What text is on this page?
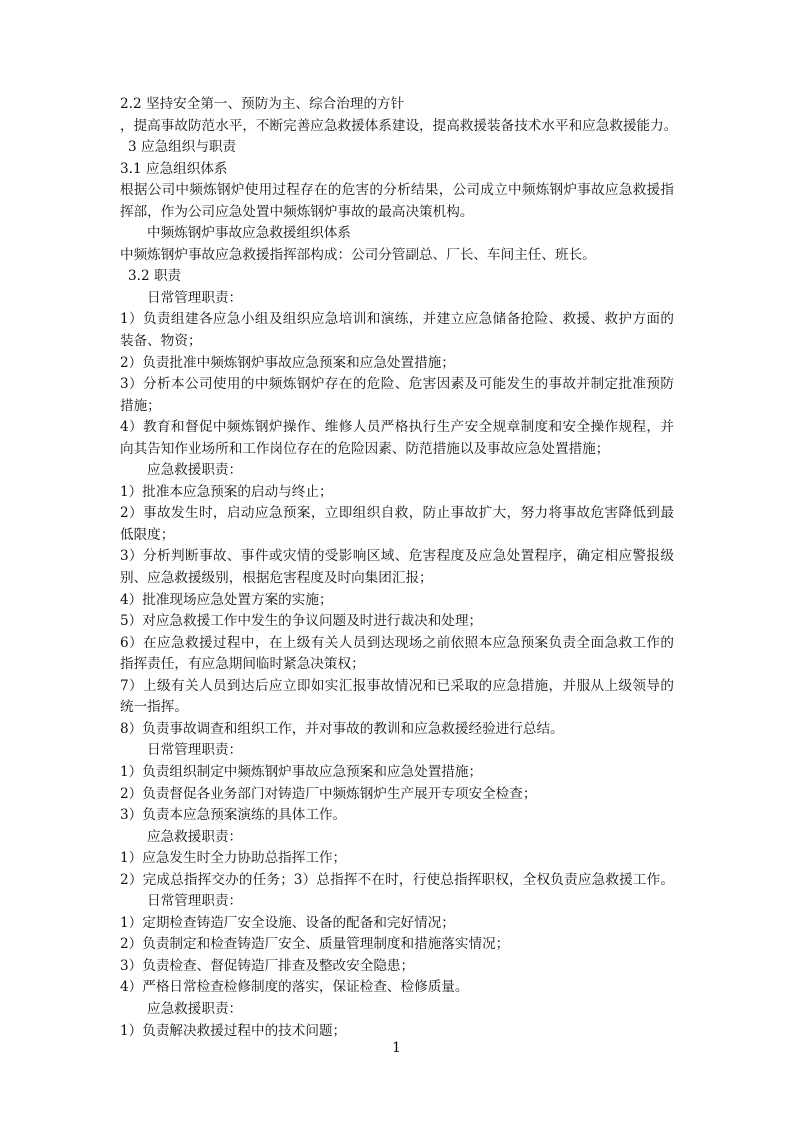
2.2 坚持安全第一、预防为主、综合治理的方针
，提高事故防范水平，不断完善应急救援体系建设，提高救援装备技术水平和应急救援能力。
3 应急组织与职责
3.1 应急组织体系
根据公司中频炼钢炉使用过程存在的危害的分析结果，公司成立中频炼钢炉事故应急救援指
挥部，作为公司应急处置中频炼钢炉事故的最高决策机构。
中频炼钢炉事故应急救援组织体系
中频炼钢炉事故应急救援指挥部构成：公司分管副总、厂长、车间主任、班长。
3.2 职责
日常管理职责：
1）负责组建各应急小组及组织应急培训和演练，并建立应急储备抢险、救援、救护方面的
装备、物资；
2）负责批准中频炼钢炉事故应急预案和应急处置措施；
3）分析本公司使用的中频炼钢炉存在的危险、危害因素及可能发生的事故并制定批准预防
措施；
4）教育和督促中频炼钢炉操作、维修人员严格执行生产安全规章制度和安全操作规程，并
向其告知作业场所和工作岗位存在的危险因素、防范措施以及事故应急处置措施；
应急救援职责：
1）批准本应急预案的启动与终止；
2）事故发生时，启动应急预案，立即组织自救，防止事故扩大，努力将事故危害降低到最
低限度；
3）分析判断事故、事件或灾情的受影响区域、危害程度及应急处置程序，确定相应警报级
别、应急救援级别，根据危害程度及时向集团汇报；
4）批准现场应急处置方案的实施；
5）对应急救援工作中发生的争议问题及时进行裁决和处理；
6）在应急救援过程中，在上级有关人员到达现场之前依照本应急预案负责全面急救工作的
指挥责任，有应急期间临时紧急决策权；
7）上级有关人员到达后应立即如实汇报事故情况和已采取的应急措施，并服从上级领导的
统一指挥。
8）负责事故调查和组织工作，并对事故的教训和应急救援经验进行总结。
日常管理职责：
1）负责组织制定中频炼钢炉事故应急预案和应急处置措施；
2）负责督促各业务部门对铸造厂中频炼钢炉生产展开专项安全检查；
3）负责本应急预案演练的具体工作。
应急救援职责：
1）应急发生时全力协助总指挥工作；
2）完成总指挥交办的任务；3）总指挥不在时，行使总指挥职权，全权负责应急救援工作。
日常管理职责：
1）定期检查铸造厂安全设施、设备的配备和完好情况；
2）负责制定和检查铸造厂安全、质量管理制度和措施落实情况；
3）负责检查、督促铸造厂排查及整改安全隐患；
4）严格日常检查检修制度的落实，保证检查、检修质量。
应急救援职责：
1）负责解决救援过程中的技术问题；
1
